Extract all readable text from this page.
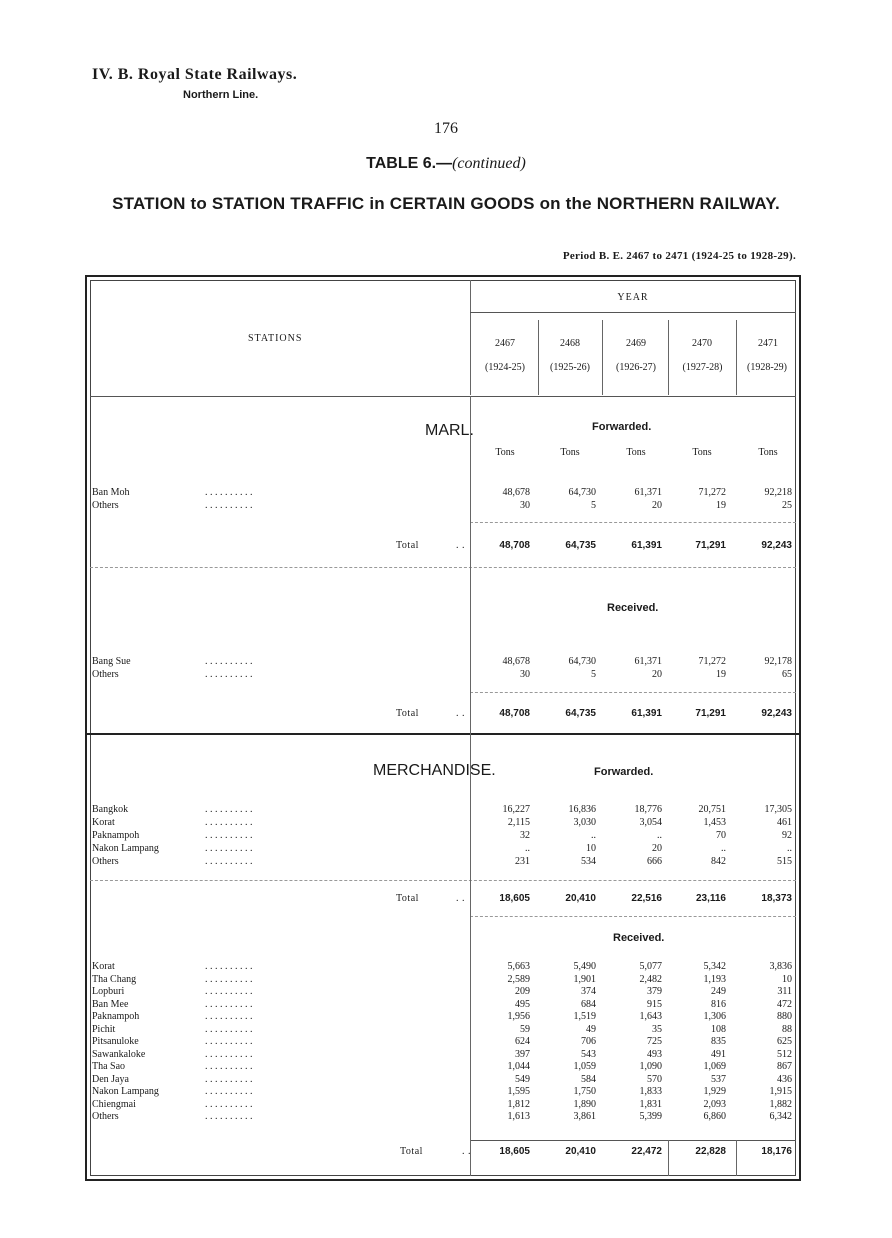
IV. B. Royal State Railways.
Northern Line.
176
TABLE 6.—(continued)
STATION to STATION TRAFFIC in CERTAIN GOODS on the NORTHERN RAILWAY.
Period B. E. 2467 to 2471 (1924-25 to 1928-29).
STATIONS
YEAR
2467	2468	2469	2470	2471
(1924-25)	(1925-26)	(1926-27)	(1927-28)	(1928-29)
MARL.	Forwarded.
Tons	Tons	Tons	Tons	Tons
Ban Moh	. . . . . . . . . .	48,678	64,730	61,371	71,272	92,218
Others	. . . . . . . . . .	30	5	20	19	25
Total	. .	48,708	64,735	61,391	71,291	92,243
Received.
Bang Sue	. . . . . . . . . .	48,678	64,730	61,371	71,272	92,178
Others	. . . . . . . . . .	30	5	20	19	65
Total	. .	48,708	64,735	61,391	71,291	92,243
MERCHANDISE.	Forwarded.
Bangkok	. . . . . . . . . .	16,227	16,836	18,776	20,751	17,305
Korat	. . . . . . . . . .	2,115	3,030	3,054	1,453	461
Paknampoh	. . . . . . . . . .	32	..	..	70	92
Nakon Lampang	. . . . . . . . . .	..	10	20	..	..
Others	. . . . . . . . . .	231	534	666	842	515
Total	. .	18,605	20,410	22,516	23,116	18,373
Received.
Korat	. . . . . . . . . .	5,663	5,490	5,077	5,342	3,836
Tha Chang	. . . . . . . . . .	2,589	1,901	2,482	1,193	10
Lopburi	. . . . . . . . . .	209	374	379	249	311
Ban Mee	. . . . . . . . . .	495	684	915	816	472
Paknampoh	. . . . . . . . . .	1,956	1,519	1,643	1,306	880
Pichit	. . . . . . . . . .	59	49	35	108	88
Pitsanuloke	. . . . . . . . . .	624	706	725	835	625
Sawankaloke	. . . . . . . . . .	397	543	493	491	512
Tha Sao	. . . . . . . . . .	1,044	1,059	1,090	1,069	867
Den Jaya	. . . . . . . . . .	549	584	570	537	436
Nakon Lampang	. . . . . . . . . .	1,595	1,750	1,833	1,929	1,915
Chiengmai	. . . . . . . . . .	1,812	1,890	1,831	2,093	1,882
Others	. . . . . . . . . .	1,613	3,861	5,399	6,860	6,342
Total	. .	18,605	20,410	22,472	22,828	18,176
